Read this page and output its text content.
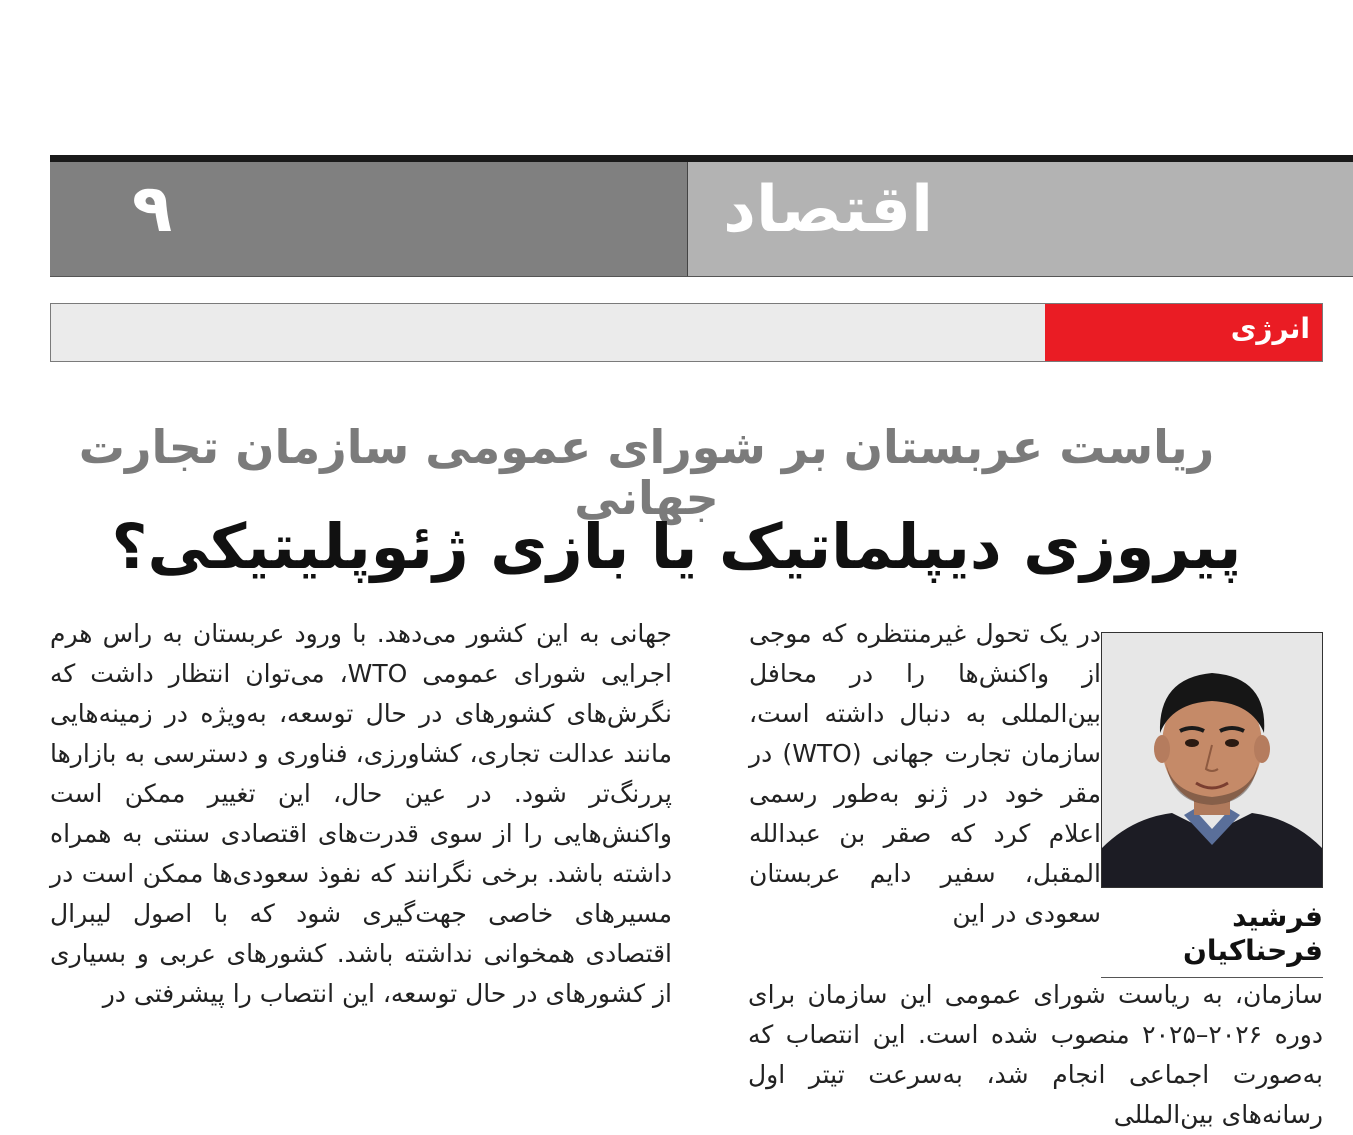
۹	اقتصاد
انرژی
ریاست عربستان بر شورای عمومی سازمان تجارت جهانی
پیروزی دیپلماتیک یا بازی ژئوپلیتیکی؟

جهانی به این کشور می‌دهد. با ورود عربستان به راس هرم اجرایی شورای عمومی WTO، می‌توان انتظار داشت که نگرش‌های کشورهای در حال توسعه، به‌ویژه در زمینه‌هایی مانند عدالت تجاری، کشاورزی، فناوری و دسترسی به بازارها پررنگ‌تر شود. در عین حال، این تغییر ممکن است واکنش‌هایی را از سوی قدرت‌های اقتصادی سنتی به همراه داشته باشد. برخی نگرانند که نفوذ سعودی‌ها ممکن است در مسیرهای خاصی جهت‌گیری شود که با اصول لیبرال اقتصادی همخوانی نداشته باشد. کشورهای عربی و بسیاری از کشورهای در حال توسعه، این انتصاب را پیشرفتی در

در یک تحول غیرمنتظره که موجی از واکنش‌ها را در محافل بین‌المللی به دنبال داشته است، سازمان تجارت جهانی (WTO) در مقر خود در ژنو به‌طور رسمی اعلام کرد که صقر بن عبدالله المقبل، سفیر دایم عربستان سعودی در این

سازمان، به ریاست شورای عمومی این سازمان برای دوره ۲۰۲۶–۲۰۲۵ منصوب شده است. این انتصاب که به‌صورت اجماعی انجام شد، به‌سرعت تیتر اول رسانه‌های بین‌المللی

فرشید فرحناکیان
